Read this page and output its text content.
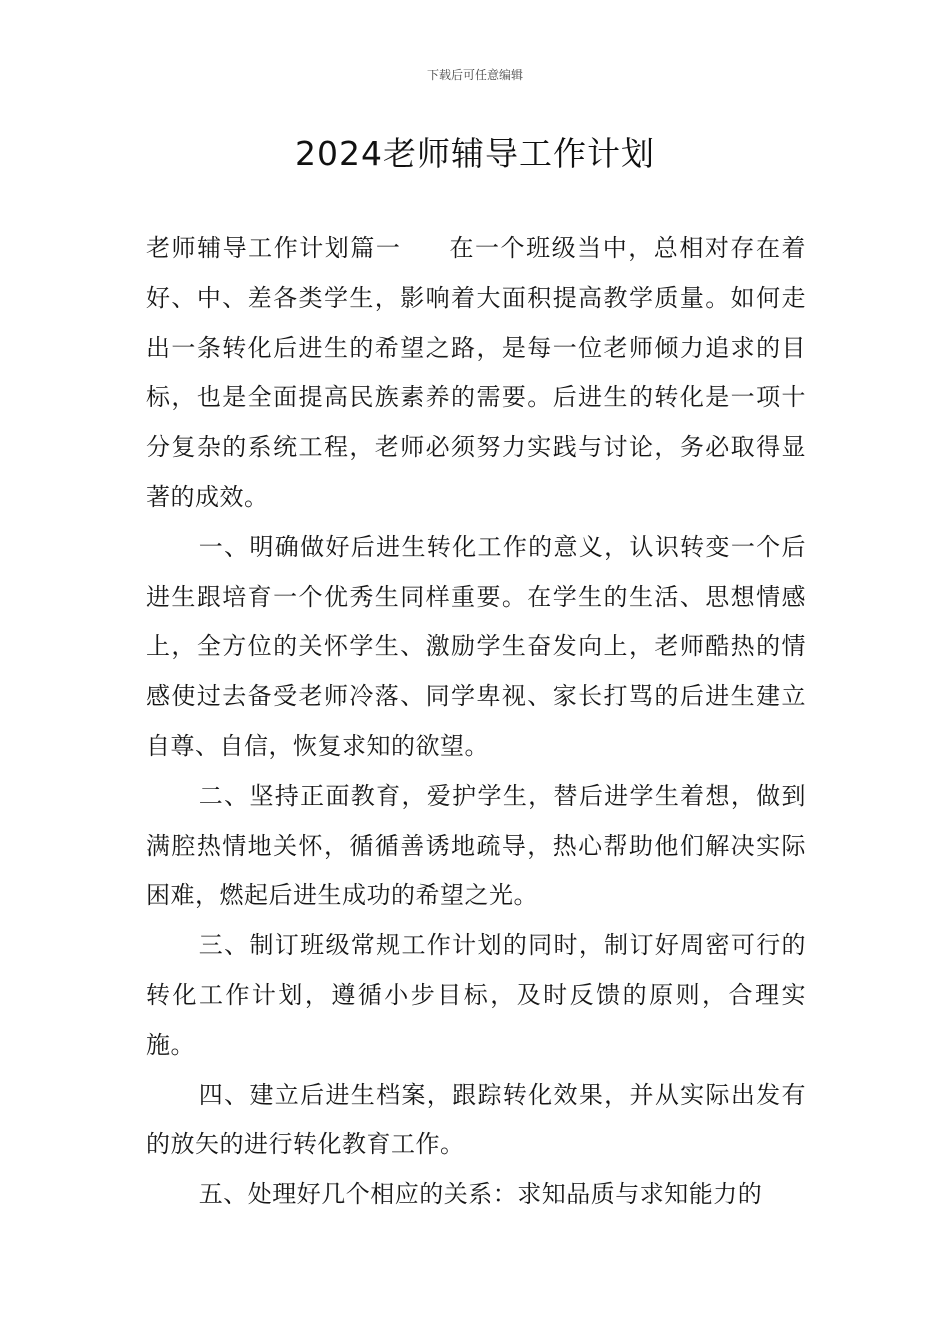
下载后可任意编辑
2024老师辅导工作计划

老师辅导工作计划篇一 在一个班级当中，总相对存在着好、中、差各类学生，影响着大面积提高教学质量。如何走出一条转化后进生的希望之路，是每一位老师倾力追求的目标，也是全面提高民族素养的需要。后进生的转化是一项十分复杂的系统工程，老师必须努力实践与讨论，务必取得显著的成效。

一、明确做好后进生转化工作的意义，认识转变一个后进生跟培育一个优秀生同样重要。在学生的生活、思想情感上，全方位的关怀学生、激励学生奋发向上，老师酷热的情感使过去备受老师冷落、同学卑视、家长打骂的后进生建立自尊、自信，恢复求知的欲望。

二、坚持正面教育，爱护学生，替后进学生着想，做到满腔热情地关怀，循循善诱地疏导，热心帮助他们解决实际困难，燃起后进生成功的希望之光。

三、制订班级常规工作计划的同时，制订好周密可行的转化工作计划，遵循小步目标，及时反馈的原则，合理实施。

四、建立后进生档案，跟踪转化效果，并从实际出发有的放矢的进行转化教育工作。

五、处理好几个相应的关系：求知品质与求知能力的
